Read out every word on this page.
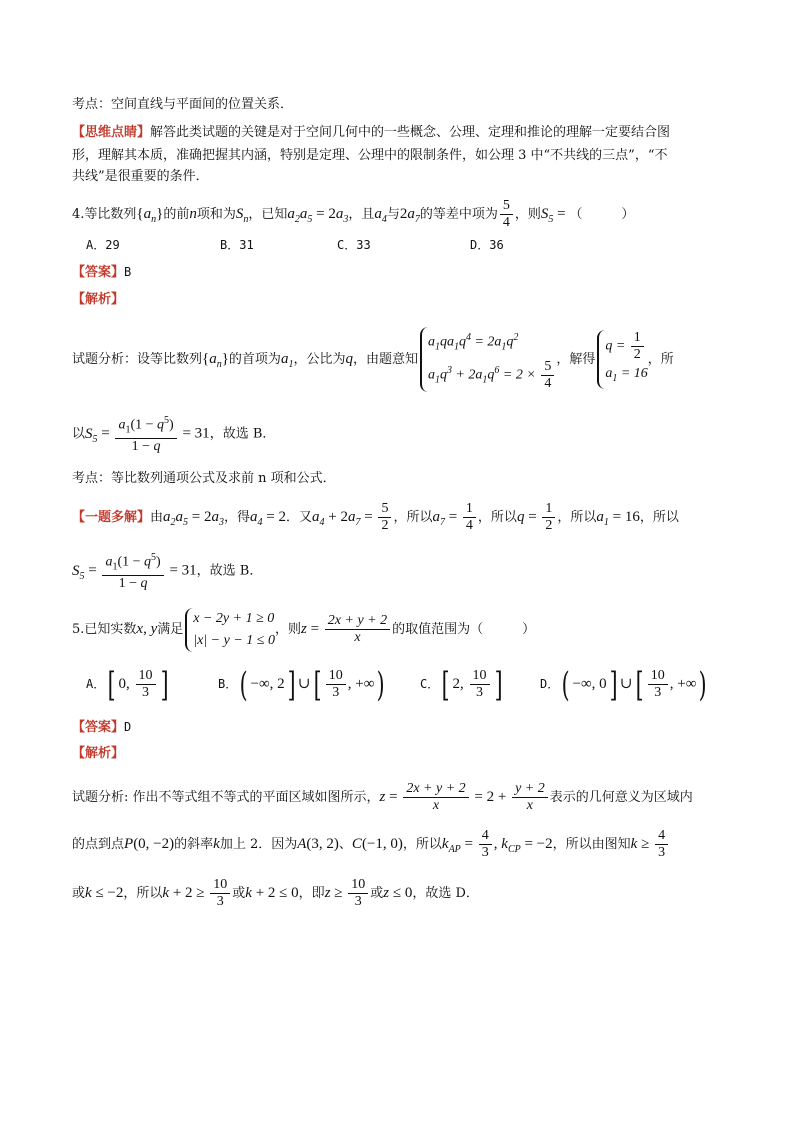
考点：空间直线与平面间的位置关系．
【思维点睛】解答此类试题的关键是对于空间几何中的一些概念、公理、定理和推论的理解一定要结合图
形，理解其本质，准确把握其内涵，特别是定理、公理中的限制条件，如公理 3 中“不共线的三点”，“不
共线”是很重要的条件．
4.等比数列$\{a_n\}$的前n项和为$S_n$，已知$a_2a_5 = 2a_3$，且$a_4$与$2a_7$的等差中项为 $\frac{5}{4}$ ，则$S_5$ = （　　　）
A．29	B．31	C．33	D．36
【答案】B
【解析】
试题分析：设等比数列$\{a_n\}$的首项为$a_1$，公比为q，由题意知
$a_1qa_1q^4 = 2a_1q^2$
$a_1q^3 + 2a_1q^6 = 2 \times \frac{5}{4}$ ，解得
$q = \frac{1}{2}$
$a_1 = 16$
，所
以$S_5 = \frac{a_1(1 - q^5)}{1 - q} = 31$，故选 B．
考点：等比数列通项公式及求前 n 项和公式．
【一题多解】由$a_2a_5 = 2a_3$，得$a_4 = 2$．又$a_4 + 2a_7 = \frac{5}{2}$ ，所以$a_7 = \frac{1}{4}$ ，所以$q = \frac{1}{2}$ ，所以$a_1 = 16$，所以
$S_5 = \frac{a_1(1 - q^5)}{1 - q} = 31$，故选 B．
5.已知实数x, y满足
x − 2y + 1 ≥ 0
|x| − y − 1 ≤ 0
，则$z = \frac{2x + y + 2}{x}$ 的取值范围为（　　　）
A．[ 0, $\frac{10}{3}$ ]	B．( −∞, 2] ∪[ $\frac{10}{3}$ , +∞)	C．[ 2, $\frac{10}{3}$ ]	D．( −∞, 0] ∪[ $\frac{10}{3}$ , +∞)
【答案】D
【解析】
试题分析: 作出不等式组不等式的平面区域如图所示，$z = \frac{2x + y + 2}{x} = 2 + \frac{y + 2}{x}$ 表示的几何意义为区域内
的点到点P(0, −2)的斜率k加上 2．因为A(3, 2)、C(−1, 0)，所以$k_{AP} = \frac{4}{3}$ , $k_{CP} = -2$，所以由图知$k \ge \frac{4}{3}$
或k ≤ −2，所以$k + 2 \ge \frac{10}{3}$ 或k + 2 ≤ 0，即$z \ge \frac{10}{3}$ 或z ≤ 0，故选 D．
